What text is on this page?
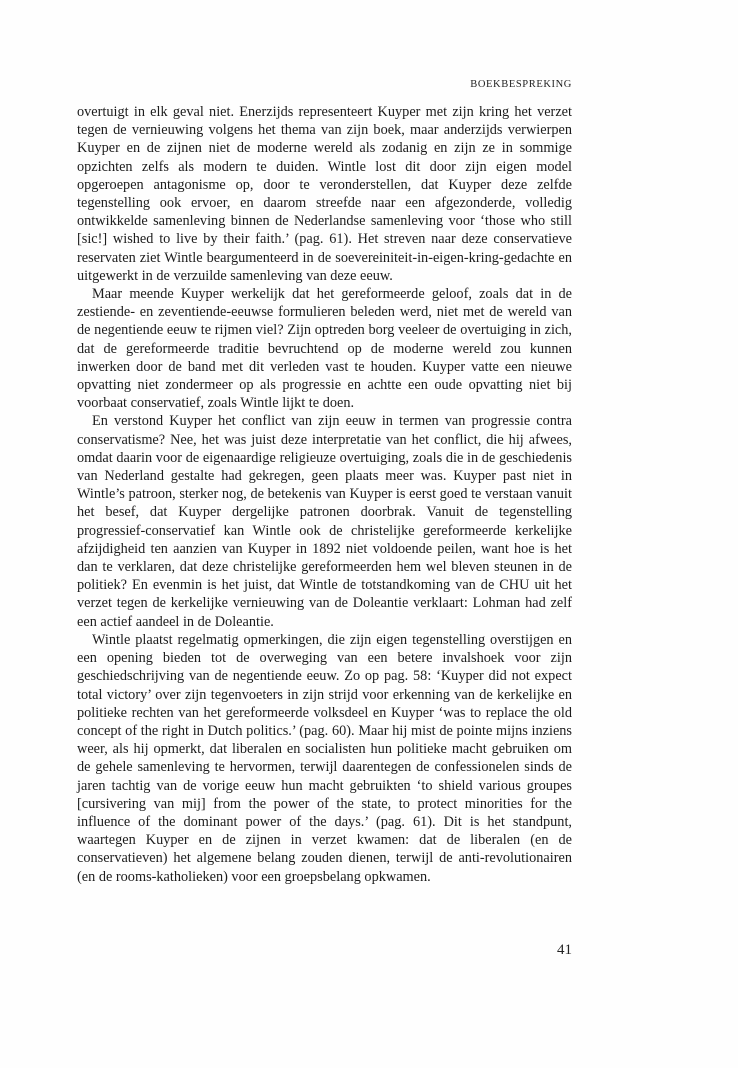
BOEKBESPREKING

overtuigt in elk geval niet. Enerzijds representeert Kuyper met zijn kring het verzet tegen de vernieuwing volgens het thema van zijn boek, maar anderzijds verwierpen Kuyper en de zijnen niet de moderne wereld als zodanig en zijn ze in sommige opzichten zelfs als modern te duiden. Wintle lost dit door zijn eigen model opgeroepen antagonisme op, door te veronderstellen, dat Kuyper deze zelfde tegenstelling ook ervoer, en daarom streefde naar een afgezonderde, volledig ontwikkelde samenleving binnen de Nederlandse samenleving voor ‘those who still [sic!] wished to live by their faith.’ (pag. 61). Het streven naar deze conservatieve reservaten ziet Wintle beargumenteerd in de soevereiniteit-in-eigen-kring-gedachte en uitgewerkt in de verzuilde samenleving van deze eeuw.

Maar meende Kuyper werkelijk dat het gereformeerde geloof, zoals dat in de zestiende- en zeventiende-eeuwse formulieren beleden werd, niet met de wereld van de negentiende eeuw te rijmen viel? Zijn optreden borg veeleer de overtuiging in zich, dat de gereformeerde traditie bevruchtend op de moderne wereld zou kunnen inwerken door de band met dit verleden vast te houden. Kuyper vatte een nieuwe opvatting niet zondermeer op als progressie en achtte een oude opvatting niet bij voorbaat conservatief, zoals Wintle lijkt te doen.

En verstond Kuyper het conflict van zijn eeuw in termen van progressie contra conservatisme? Nee, het was juist deze interpretatie van het conflict, die hij afwees, omdat daarin voor de eigenaardige religieuze overtuiging, zoals die in de geschiedenis van Nederland gestalte had gekregen, geen plaats meer was. Kuyper past niet in Wintle’s patroon, sterker nog, de betekenis van Kuyper is eerst goed te verstaan vanuit het besef, dat Kuyper dergelijke patronen doorbrak. Vanuit de tegenstelling progressief-conservatief kan Wintle ook de christelijke gereformeerde kerkelijke afzijdigheid ten aanzien van Kuyper in 1892 niet voldoende peilen, want hoe is het dan te verklaren, dat deze christelijke gereformeerden hem wel bleven steunen in de politiek? En evenmin is het juist, dat Wintle de totstandkoming van de CHU uit het verzet tegen de kerkelijke vernieuwing van de Doleantie verklaart: Lohman had zelf een actief aandeel in de Doleantie.

Wintle plaatst regelmatig opmerkingen, die zijn eigen tegenstelling overstijgen en een opening bieden tot de overweging van een betere invalshoek voor zijn geschiedschrijving van de negentiende eeuw. Zo op pag. 58: ‘Kuyper did not expect total victory’ over zijn tegenvoeters in zijn strijd voor erkenning van de kerkelijke en politieke rechten van het gereformeerde volksdeel en Kuyper ‘was to replace the old concept of the right in Dutch politics.’ (pag. 60). Maar hij mist de pointe mijns inziens weer, als hij opmerkt, dat liberalen en socialisten hun politieke macht gebruiken om de gehele samenleving te hervormen, terwijl daarentegen de confessionelen sinds de jaren tachtig van de vorige eeuw hun macht gebruikten ‘to shield various groupes [cursivering van mij] from the power of the state, to protect minorities for the influence of the dominant power of the days.’ (pag. 61). Dit is het standpunt, waartegen Kuyper en de zijnen in verzet kwamen: dat de liberalen (en de conservatieven) het algemene belang zouden dienen, terwijl de anti-revolutionairen (en de rooms-katholieken) voor een groepsbelang opkwamen.

41
